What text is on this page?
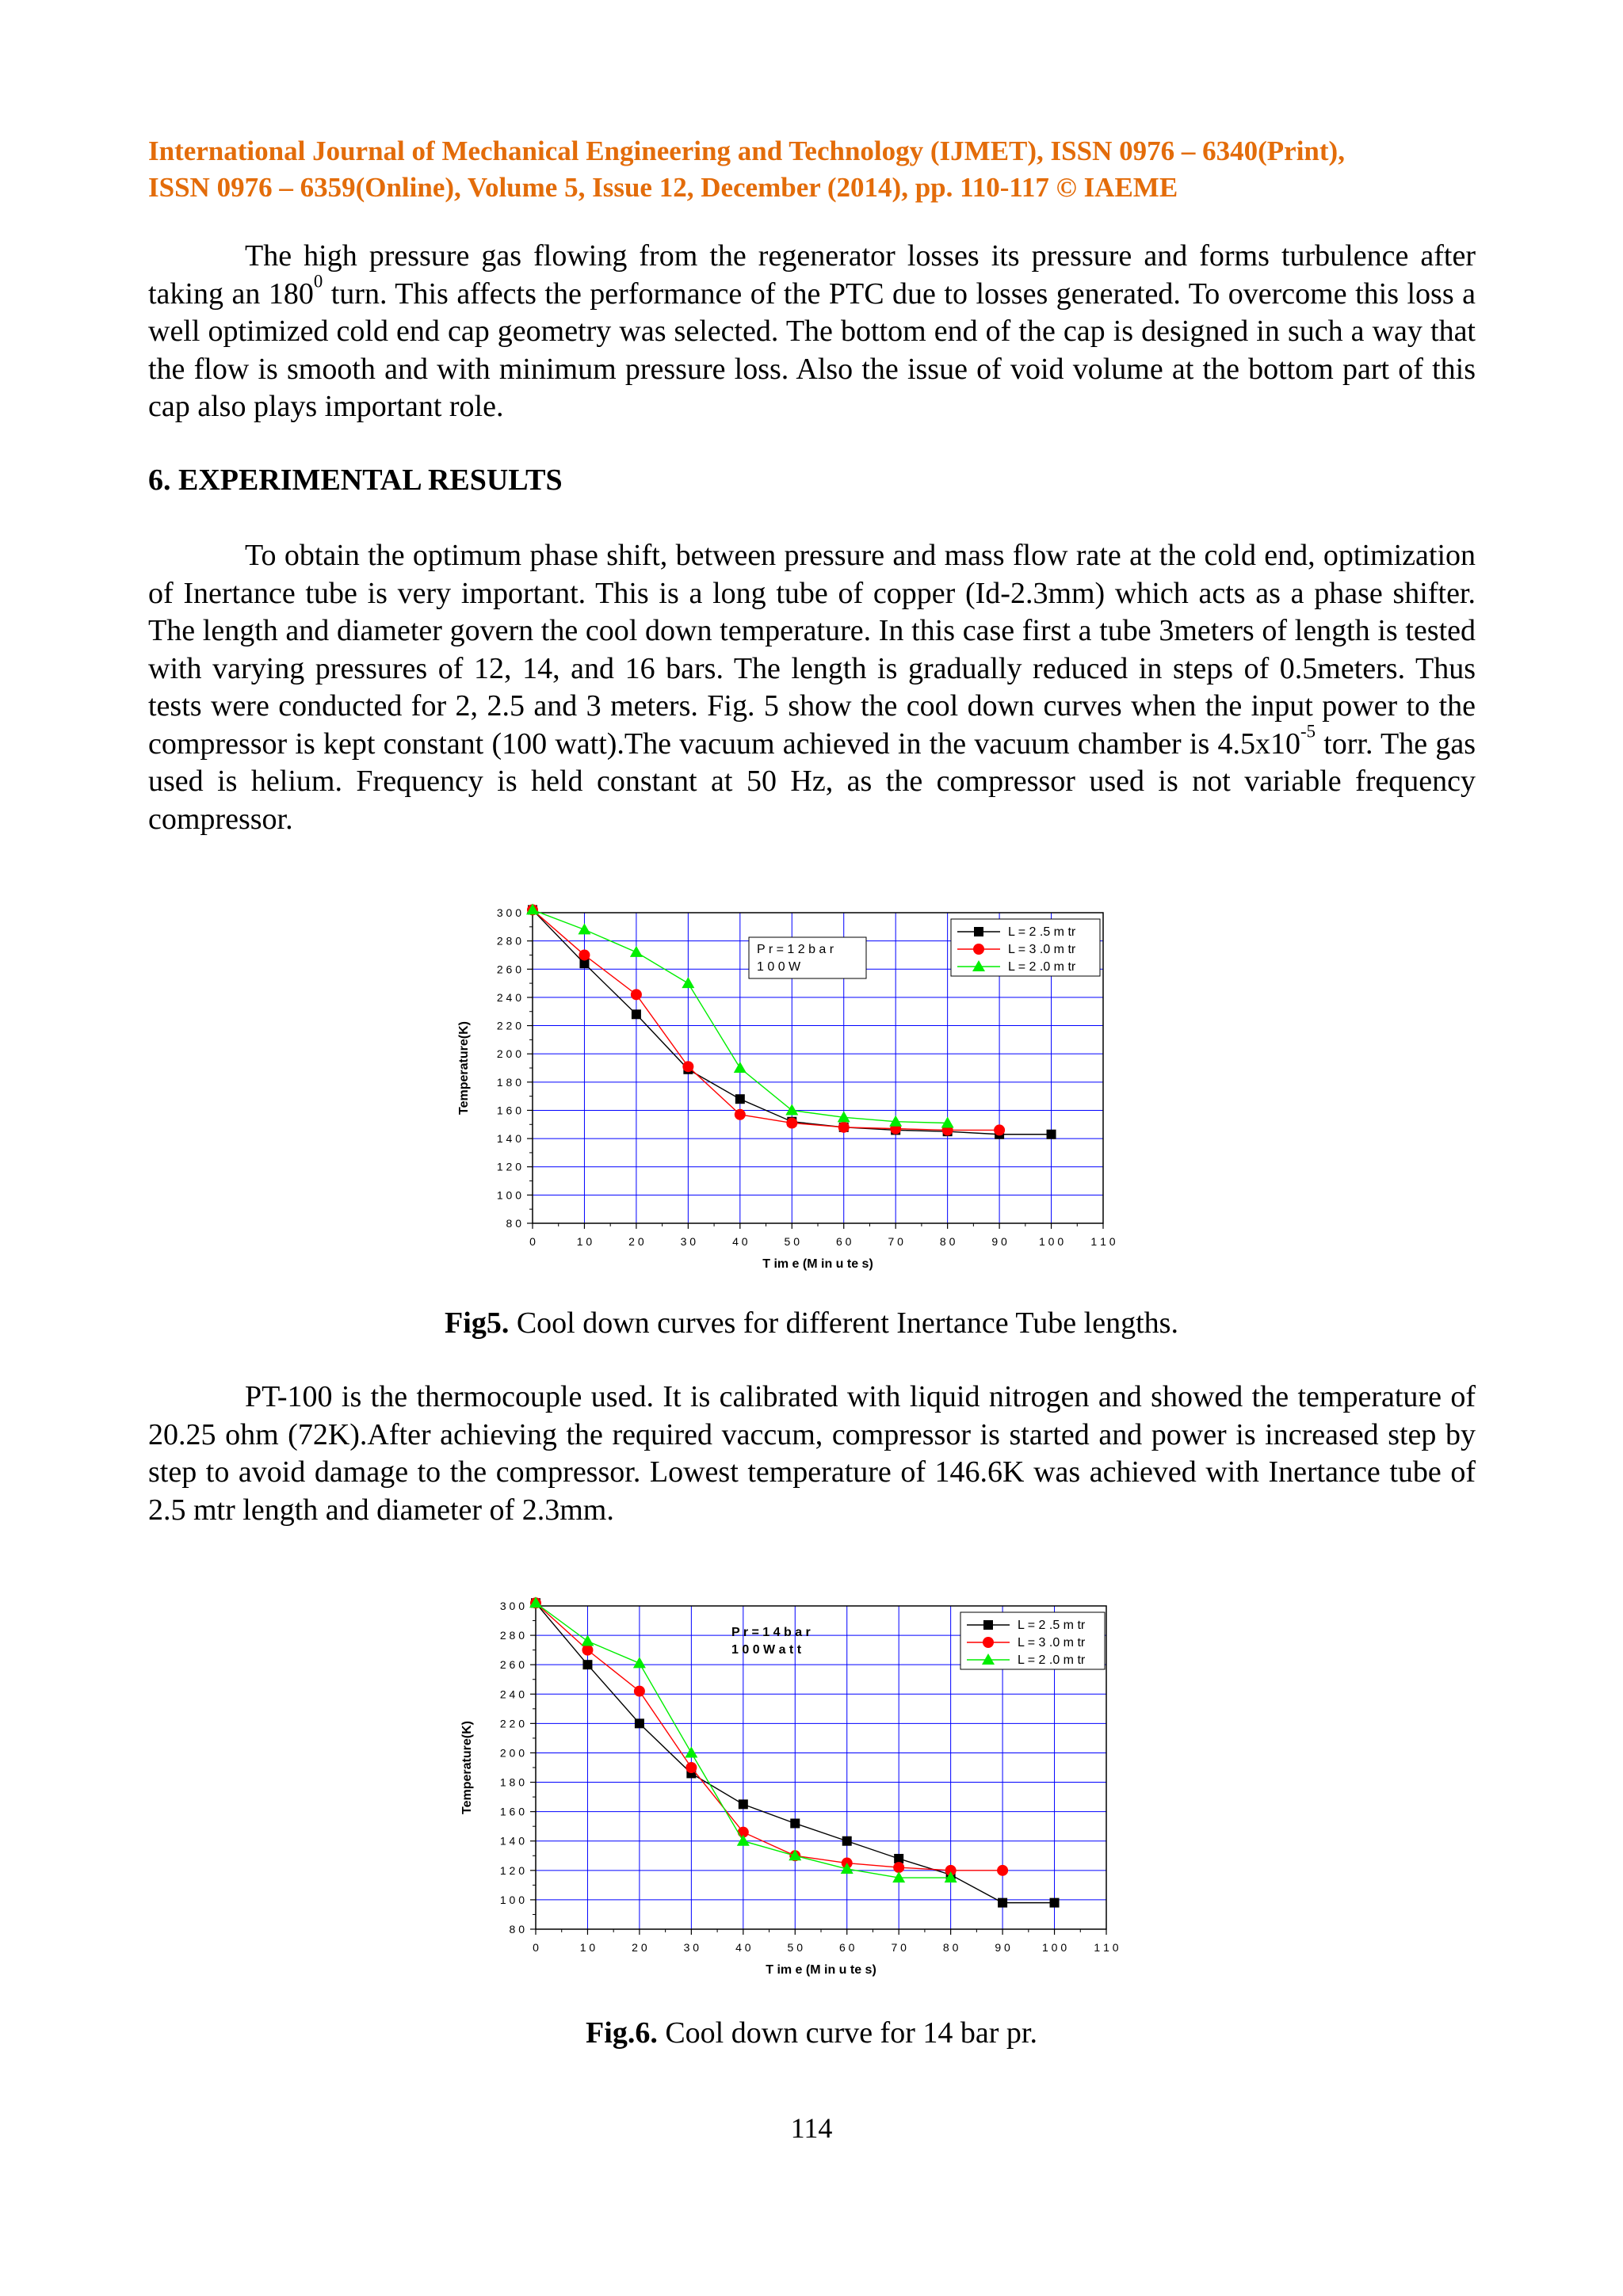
International Journal of Mechanical Engineering and Technology (IJMET), ISSN 0976 – 6340(Print),
ISSN 0976 – 6359(Online), Volume 5, Issue 12, December (2014), pp. 110-117 © IAEME

The high pressure gas flowing from the regenerator losses its pressure and forms turbulence after taking an $180^0$ turn. This affects the performance of the PTC due to losses generated. To overcome this loss a well optimized cold end cap geometry was selected. The bottom end of the cap is designed in such a way that the flow is smooth and with minimum pressure loss. Also the issue of void volume at the bottom part of this cap also plays important role.

6. EXPERIMENTAL RESULTS

To obtain the optimum phase shift, between pressure and mass flow rate at the cold end, optimization of Inertance tube is very important. This is a long tube of copper (Id-2.3mm) which acts as a phase shifter. The length and diameter govern the cool down temperature. In this case first a tube 3meters of length is tested with varying pressures of 12, 14, and 16 bars. The length is gradually reduced in steps of 0.5meters. Thus tests were conducted for 2, 2.5 and 3 meters. Fig. 5 show the cool down curves when the input power to the compressor is kept constant (100 watt).The vacuum achieved in the vacuum chamber is $4.5x10^{-5}$ torr. The gas used is helium. Frequency is held constant at 50 Hz, as the compressor used is not variable frequency compressor.

0	1 0	2 0	3 0	4 0	5 0	6 0	7 0	8 0	9 0	1 0 0 1 1 0
8 0
1 0 0
1 2 0
1 4 0
1 6 0
1 8 0
2 0 0
2 2 0
2 4 0
2 6 0
2 8 0
3 0 0
T im e (M in u te s)
Temperature(K)
P r = 1 2 b a r
1 0 0 W
L = 2 .5 m tr
L = 3 .0 m tr
L = 2 .0 m tr
Fig5. Cool down curves for different Inertance Tube lengths.

PT-100 is the thermocouple used. It is calibrated with liquid nitrogen and showed the temperature of 20.25 ohm (72K).After achieving the required vaccum, compressor is started and power is increased step by step to avoid damage to the compressor. Lowest temperature of 146.6K was achieved with Inertance tube of 2.5 mtr length and diameter of 2.3mm.

0	1 0	2 0	3 0	4 0	5 0	6 0	7 0	8 0	9 0	1 0 0 1 1 0
8 0
1 0 0
1 2 0
1 4 0
1 6 0
1 8 0
2 0 0
2 2 0
2 4 0
2 6 0
2 8 0
3 0 0
T im e (M in u te s)
Temperature(K)
P r = 1 4 b a r
1 0 0 W a t t
L = 2 .5 m tr
L = 3 .0 m tr
L = 2 .0 m tr
Fig.6. Cool down curve for 14 bar pr.
114
